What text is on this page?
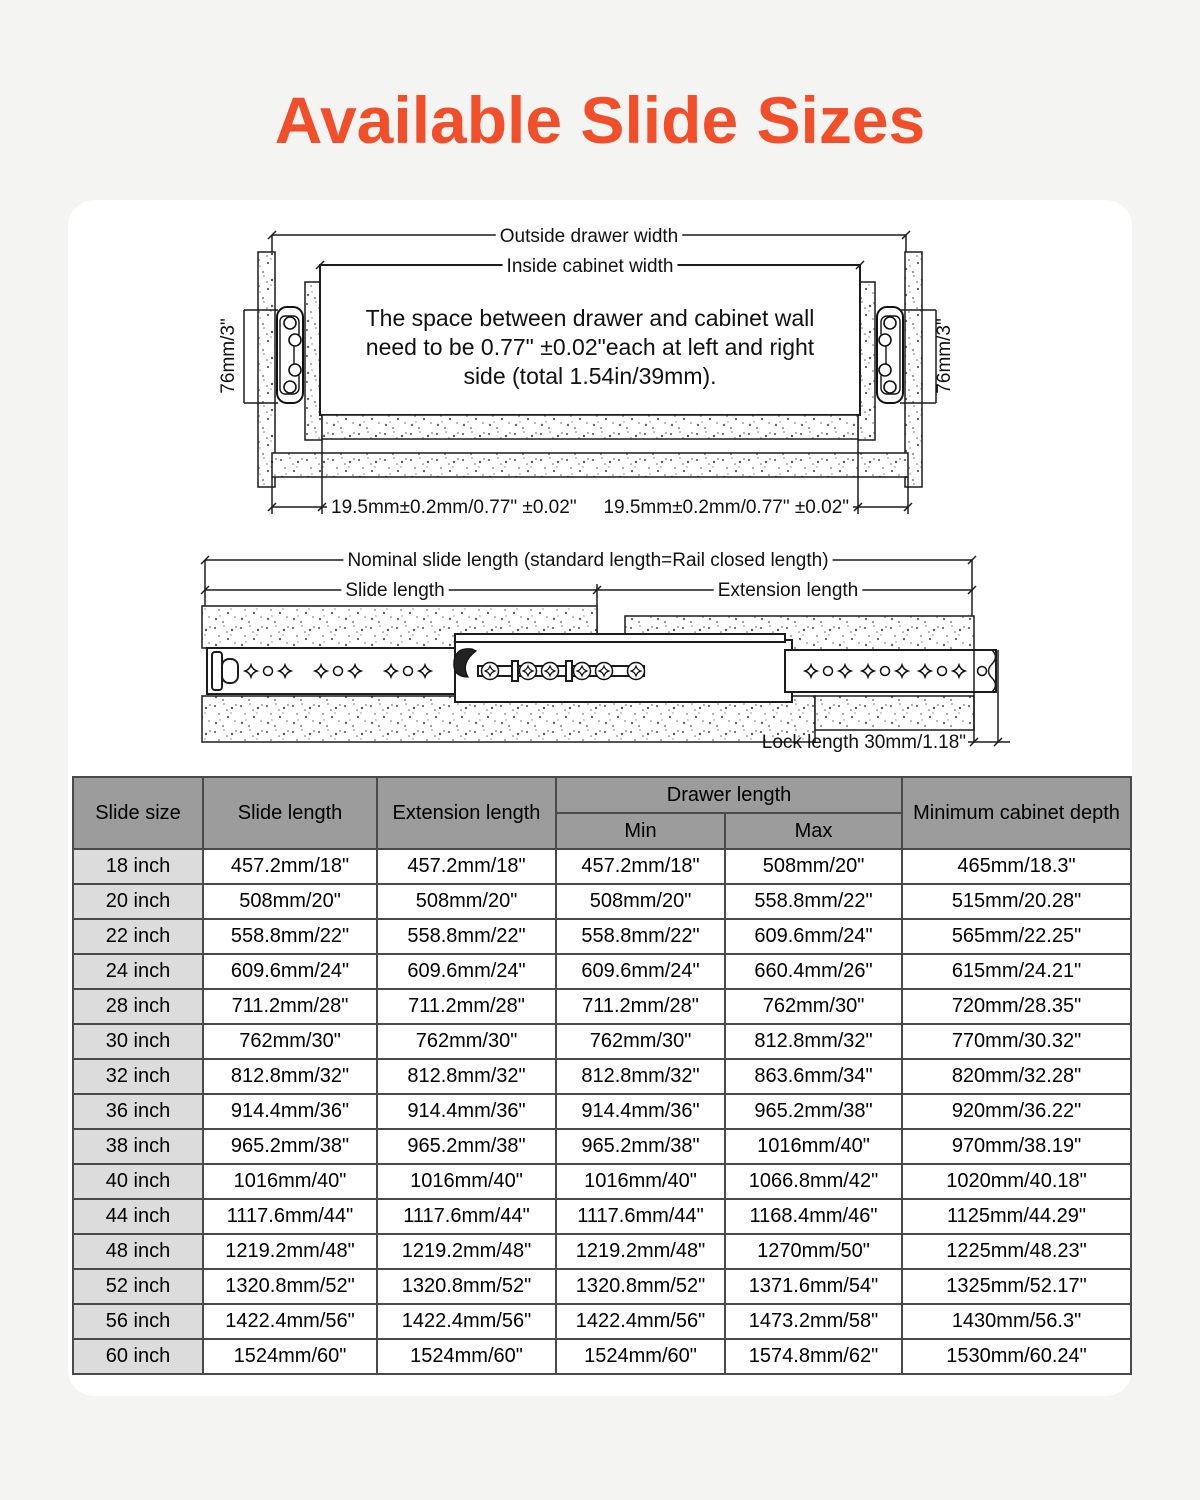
Available Slide Sizes
Outside drawer width
Inside cabinet width
The space between drawer and cabinet wall
need to be 0.77" ±0.02"each at left and right
side (total 1.54in/39mm).
19.5mm±0.2mm/0.77" ±0.02" 19.5mm±0.2mm/0.77" ±0.02"
76mm/3"	76mm/3"
Nominal slide length (standard length=Rail closed length)
Slide length	Extension length
Lock length 30mm/1.18"
Slide size	Slide length	Extension length	Drawer length		Minimum cabinet depth
			Min	Max	
18 inch	457.2mm/18"	457.2mm/18"	457.2mm/18"	508mm/20"	465mm/18.3"
20 inch	508mm/20"	508mm/20"	508mm/20"	558.8mm/22"	515mm/20.28"
22 inch	558.8mm/22"	558.8mm/22"	558.8mm/22"	609.6mm/24"	565mm/22.25"
24 inch	609.6mm/24"	609.6mm/24"	609.6mm/24"	660.4mm/26"	615mm/24.21"
28 inch	711.2mm/28"	711.2mm/28"	711.2mm/28"	762mm/30"	720mm/28.35"
30 inch	762mm/30"	762mm/30"	762mm/30"	812.8mm/32"	770mm/30.32"
32 inch	812.8mm/32"	812.8mm/32"	812.8mm/32"	863.6mm/34"	820mm/32.28"
36 inch	914.4mm/36"	914.4mm/36"	914.4mm/36"	965.2mm/38"	920mm/36.22"
38 inch	965.2mm/38"	965.2mm/38"	965.2mm/38"	1016mm/40"	970mm/38.19"
40 inch	1016mm/40"	1016mm/40"	1016mm/40"	1066.8mm/42"	1020mm/40.18"
44 inch	1117.6mm/44"	1117.6mm/44"	1117.6mm/44"	1168.4mm/46"	1125mm/44.29"
48 inch	1219.2mm/48"	1219.2mm/48"	1219.2mm/48"	1270mm/50"	1225mm/48.23"
52 inch	1320.8mm/52"	1320.8mm/52"	1320.8mm/52"	1371.6mm/54"	1325mm/52.17"
56 inch	1422.4mm/56"	1422.4mm/56"	1422.4mm/56"	1473.2mm/58"	1430mm/56.3"
60 inch	1524mm/60"	1524mm/60"	1524mm/60"	1574.8mm/62"	1530mm/60.24"
